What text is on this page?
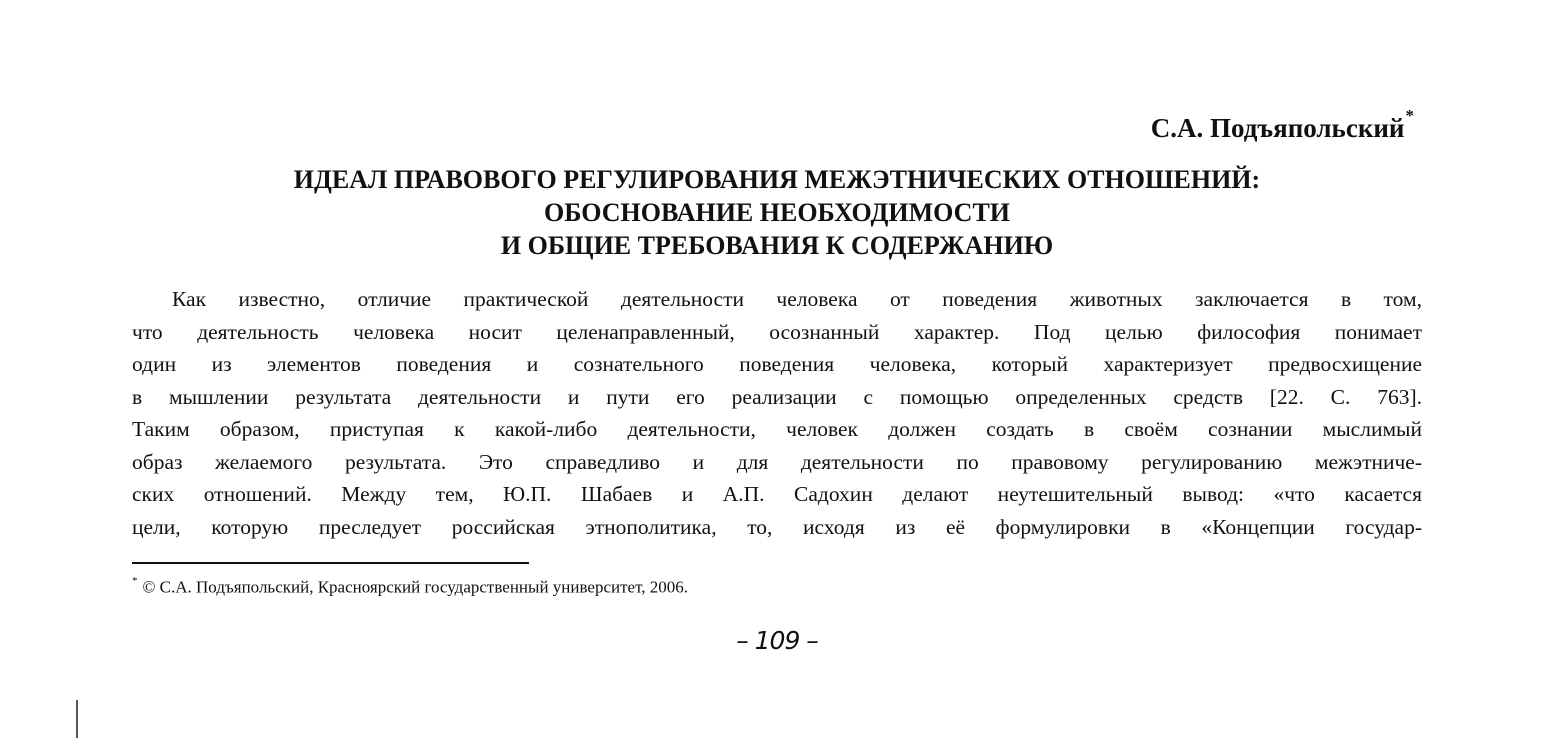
С.А. Подъяпольский*
ИДЕАЛ ПРАВОВОГО РЕГУЛИРОВАНИЯ МЕЖЭТНИЧЕСКИХ ОТНОШЕНИЙ:
ОБОСНОВАНИЕ НЕОБХОДИМОСТИ
И ОБЩИЕ ТРЕБОВАНИЯ К СОДЕРЖАНИЮ
Как известно, отличие практической деятельности человека от поведения животных заключается в том,
что деятельность человека носит целенаправленный, осознанный характер. Под целью философия понимает
один из элементов поведения и сознательного поведения человека, который характеризует предвосхищение
в мышлении результата деятельности и пути его реализации с помощью определенных средств [22. С. 763].
Таким образом, приступая к какой-либо деятельности, человек должен создать в своём сознании мыслимый
образ желаемого результата. Это справедливо и для деятельности по правовому регулированию межэтниче-
ских отношений. Между тем, Ю.П. Шабаев и А.П. Садохин делают неутешительный вывод: «что касается
цели, которую преследует российская этнополитика, то, исходя из её формулировки в «Концепции государ-
* © С.А. Подъяпольский, Красноярский государственный университет, 2006.
– 109 –
